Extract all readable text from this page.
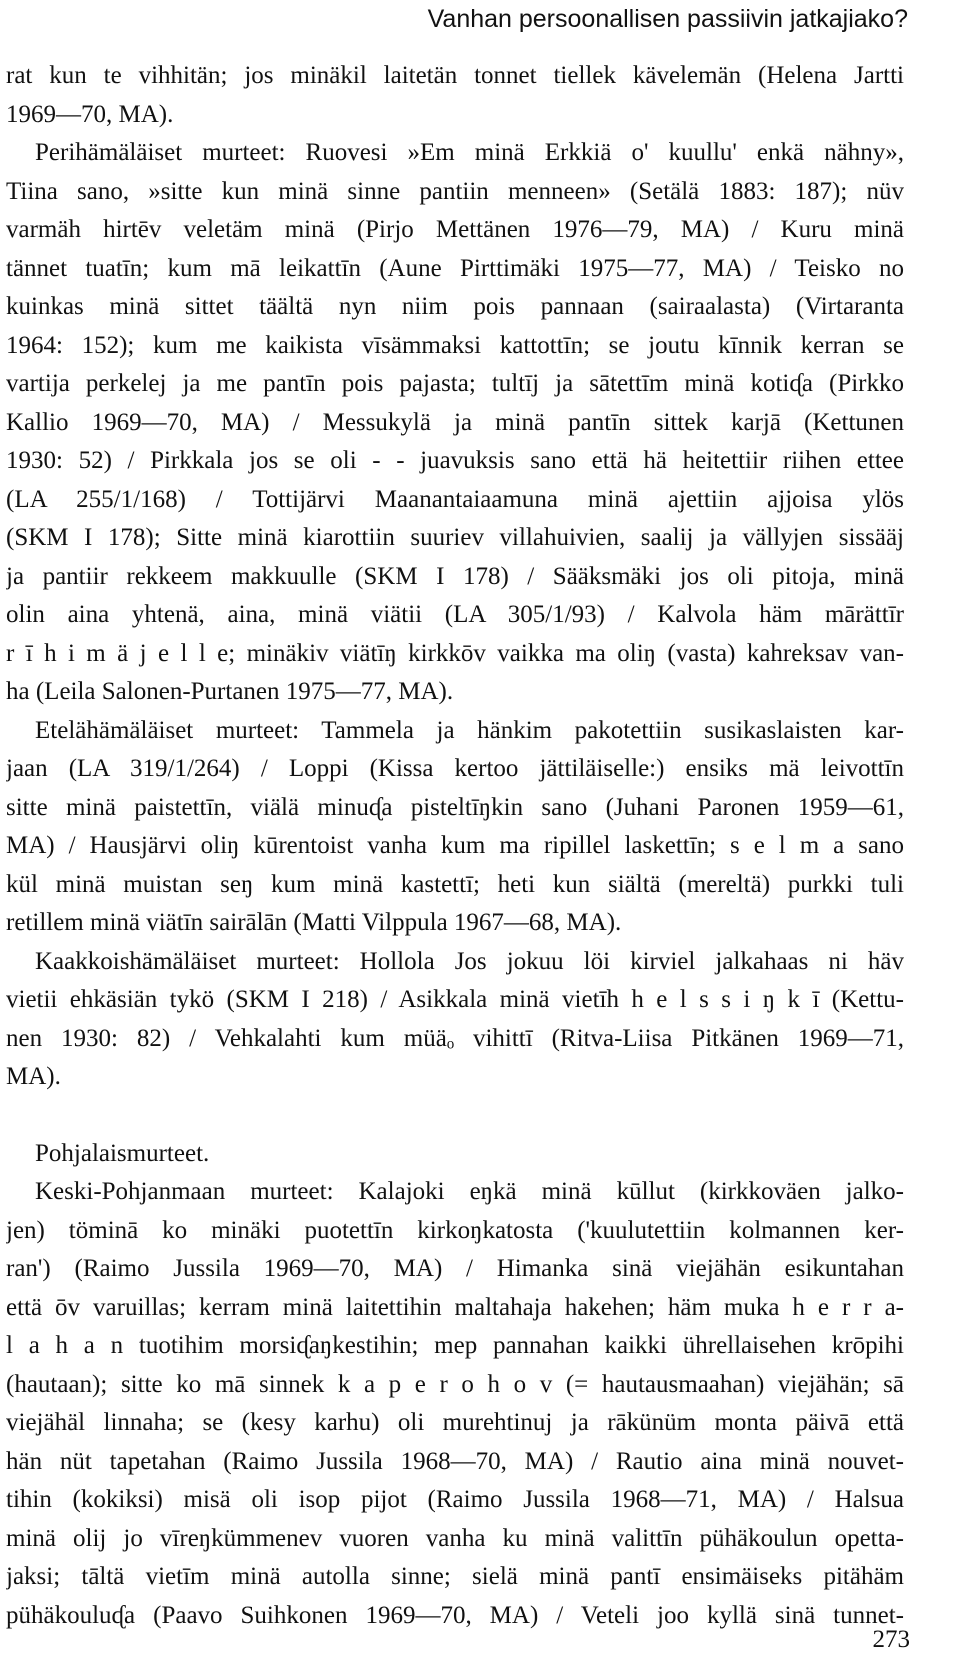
Vanhan persoonallisen passiivin jatkajiako?
rat kun te vihhitän; jos minäkil laitetän tonnet tiellek kävelemän (Helena Jartti
1969—70, MA).
Perihämäläiset murteet: Ruovesi »Em minä Erkkiä o' kuullu' enkä nähny»,
Tiina sano, »sitte kun minä sinne pantiin menneen» (Setälä 1883: 187); nüv
varmäh hirtēv veletäm minä (Pirjo Mettänen 1976—79, MA) / Kuru minä
tännet tuatīn; kum mā leikattīn (Aune Pirttimäki 1975—77, MA) / Teisko no
kuinkas minä sittet täältä nyn niim pois pannaan (sairaalasta) (Virtaranta
1964: 152); kum me kaikista vīsämmaksi kattottīn; se joutu kīnnik kerran se
vartija perkelej ja me pantīn pois pajasta; tultīj ja sātettīm minä kotiᶑa (Pirkko
Kallio 1969—70, MA) / Messukylä ja minä pantīn sittek karjā (Kettunen
1930: 52) / Pirkkala jos se oli - - juavuksis sano että hä heitettiir riihen ettee
(LA 255/1/168) / Tottijärvi Maanantaiaamuna minä ajettiin ajjoisa ylös
(SKM I 178); Sitte minä kiarottiin suuriev villahuivien, saalij ja vällyjen sissääj
ja pantiir rekkeem makkuulle (SKM I 178) / Sääksmäki jos oli pitoja, minä
olin aina yhtenä, aina, minä viätii (LA 305/1/93) / Kalvola häm mārättīr
r ī h i m ä j e l l e; minäkiv viätīŋ kirkkōv vaikka ma oliŋ (vasta) kahreksav van-
ha (Leila Salonen-Purtanen 1975—77, MA).
Etelähämäläiset murteet: Tammela ja hänkim pakotettiin susikaslaisten kar-
jaan (LA 319/1/264) / Loppi (Kissa kertoo jättiläiselle:) ensiks mä leivottīn
sitte minä paistettīn, viälä minuᶑa pisteltīŋkin sano (Juhani Paronen 1959—61,
MA) / Hausjärvi oliŋ kūrentoist vanha kum ma ripillel laskettīn; s e l m a sano
kül minä muistan seŋ kum minä kastettī; heti kun siältä (mereltä) purkki tuli
retillem minä viätīn sairālān (Matti Vilppula 1967—68, MA).
Kaakkoishämäläiset murteet: Hollola Jos jokuu löi kirviel jalkahaas ni häv
vietii ehkäsiän tykö (SKM I 218) / Asikkala minä vietīh h e l s s i ŋ k ī (Kettu-
nen 1930: 82) / Vehkalahti kum müäₒ vihittī (Ritva-Liisa Pitkänen 1969—71,
MA).
Pohjalaismurteet.
Keski-Pohjanmaan murteet: Kalajoki eŋkä minä kūllut (kirkkoväen jalko-
jen) töminā ko minäki puotettīn kirkoŋkatosta ('kuulutettiin kolmannen ker-
ran') (Raimo Jussila 1969—70, MA) / Himanka sinä viejähän esikuntahan
että ōv varuillas; kerram minä laitettihin maltahaja hakehen; häm muka h e r r a-
l a h a n tuotihim morsiᶑaŋkestihin; mep pannahan kaikki ührellaisehen krōpihi
(hautaan); sitte ko mā sinnek k a p e r o h o v (= hautausmaahan) viejähän; sā
viejähäl linnaha; se (kesy karhu) oli murehtinuj ja rākünüm monta päivā että
hän nüt tapetahan (Raimo Jussila 1968—70, MA) / Rautio aina minä nouvet-
tihin (kokiksi) misä oli isop pijot (Raimo Jussila 1968—71, MA) / Halsua
minä olij jo vīreŋkümmenev vuoren vanha ku minä valittīn pühäkoulun opetta-
jaksi; tāltä vietīm minä autolla sinne; sielä minä pantī ensimäiseks pitähäm
pühäkouluᶑa (Paavo Suihkonen 1969—70, MA) / Veteli joo kyllä sinä tunnet-
273
